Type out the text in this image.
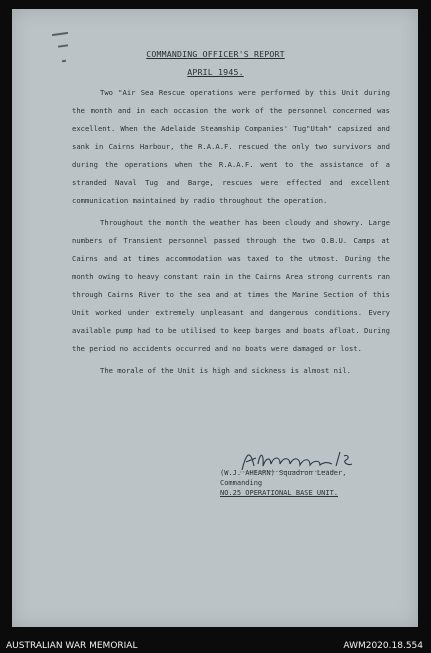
COMMANDING OFFICER'S REPORT
APRIL 1945.

Two "Air Sea Rescue operations were performed by this Unit during the month and in each occasion the work of the personnel concerned was excellent. When the Adelaide Steamship Companies' Tug"Utah" capsized and sank in Cairns Harbour, the R.A.A.F. rescued the only two survivors and during the operations when the R.A.A.F. went to the assistance of a stranded Naval Tug and Barge, rescues were effected and excellent communication maintained by radio throughout the operation.

Throughout the month the weather has been cloudy and showry. Large numbers of Transient personnel passed through the two O.B.U. Camps at Cairns and at times accommodation was taxed to the utmost. During the month owing to heavy constant rain in the Cairns Area strong currents ran through Cairns River to the sea and at times the Marine Section of this Unit worked under extremely unpleasant and dangerous conditions. Every available pump had to be utilised to keep barges and boats afloat. During the period no accidents occurred and no boats were damaged or lost.

The morale of the Unit is high and sickness is almost nil.

(W.J. AHEARN) Squadron Leader,
Commanding
NO.25 OPERATIONAL BASE UNIT.
AUSTRALIAN WAR MEMORIAL	AWM2020.18.554
